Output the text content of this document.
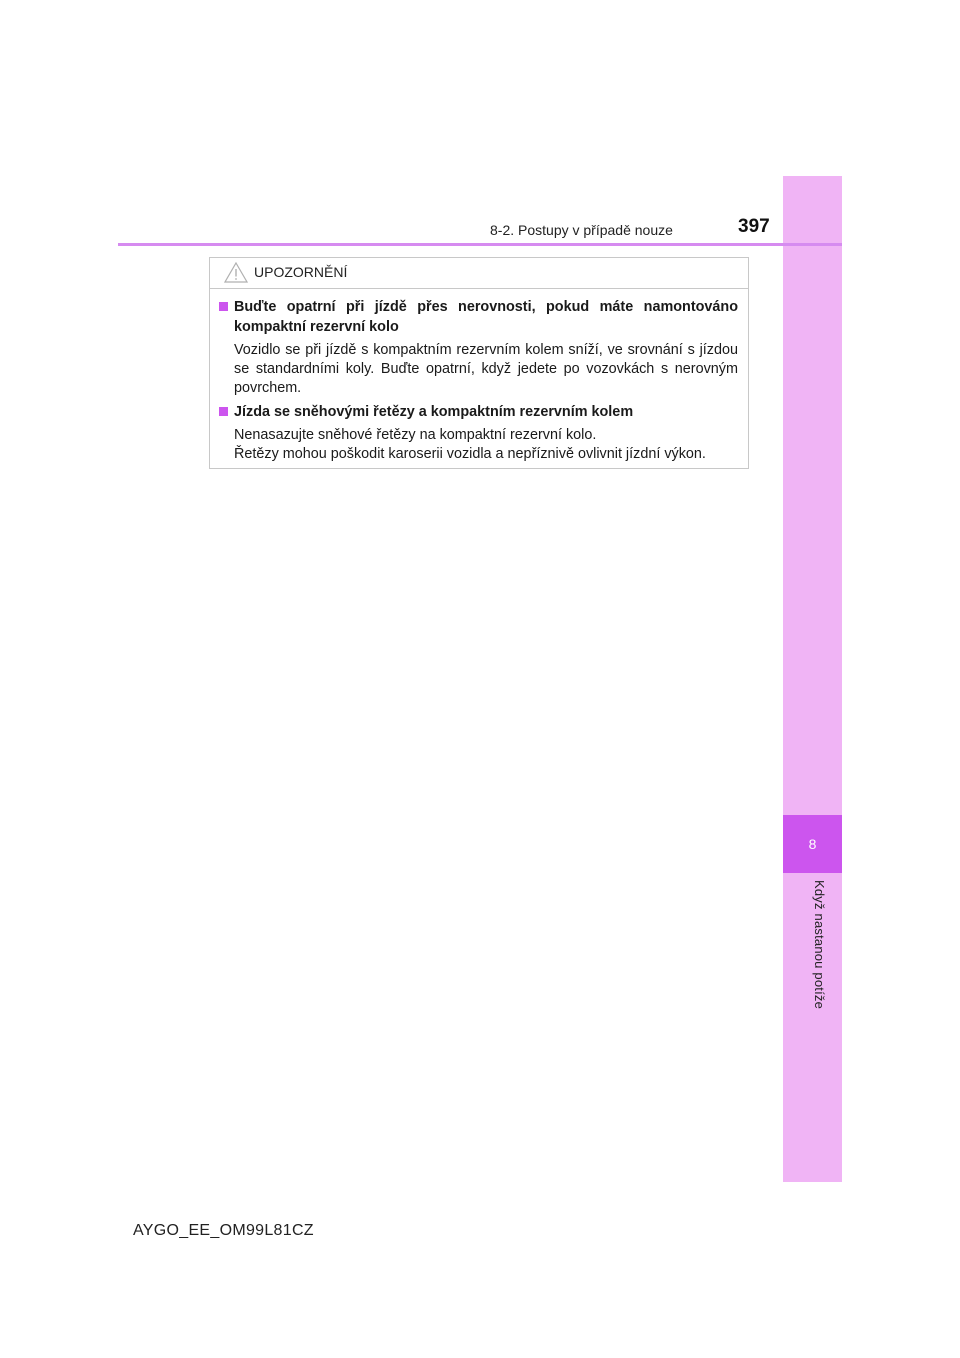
8
Když nastanou potíže
8-2. Postupy v případě nouze	397
UPOZORNĚNÍ
Buďte opatrní při jízdě přes nerovnosti, pokud máte namontováno kompaktní rezervní kolo

Vozidlo se při jízdě s kompaktním rezervním kolem sníží, ve srovnání s jízdou se standardními koly. Buďte opatrní, když jedete po vozovkách s nerovným povrchem.

Jízda se sněhovými řetězy a kompaktním rezervním kolem

Nenasazujte sněhové řetězy na kompaktní rezervní kolo.

Řetězy mohou poškodit karoserii vozidla a nepříznivě ovlivnit jízdní výkon.

AYGO_EE_OM99L81CZ
